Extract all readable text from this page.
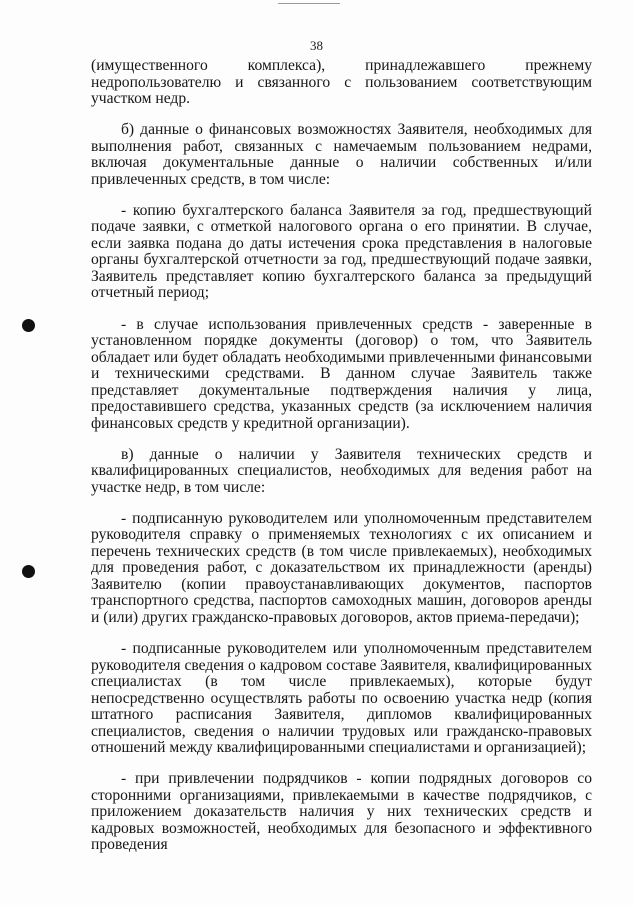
38

(имущественного комплекса), принадлежавшего прежнему недропользователю и связанного с пользованием соответствующим участком недр.

б) данные о финансовых возможностях Заявителя, необходимых для выполнения работ, связанных с намечаемым пользованием недрами, включая документальные данные о наличии собственных и/или привлеченных средств, в том числе:

- копию бухгалтерского баланса Заявителя за год, предшествующий подаче заявки, с отметкой налогового органа о его принятии. В случае, если заявка подана до даты истечения срока представления в налоговые органы бухгалтерской отчетности за год, предшествующий подаче заявки, Заявитель представляет копию бухгалтерского баланса за предыдущий отчетный период;

- в случае использования привлеченных средств - заверенные в установленном порядке документы (договор) о том, что Заявитель обладает или будет обладать необходимыми привлеченными финансовыми и техническими средствами. В данном случае Заявитель также представляет документальные подтверждения наличия у лица, предоставившего средства, указанных средств (за исключением наличия финансовых средств у кредитной организации).

в) данные о наличии у Заявителя технических средств и квалифицированных специалистов, необходимых для ведения работ на участке недр, в том числе:

- подписанную руководителем или уполномоченным представителем руководителя справку о применяемых технологиях с их описанием и перечень технических средств (в том числе привлекаемых), необходимых для проведения работ, с доказательством их принадлежности (аренды) Заявителю (копии правоустанавливающих документов, паспортов транспортного средства, паспортов самоходных машин, договоров аренды и (или) других гражданско-правовых договоров, актов приема-передачи);

- подписанные руководителем или уполномоченным представителем руководителя сведения о кадровом составе Заявителя, квалифицированных специалистах (в том числе привлекаемых), которые будут непосредственно осуществлять работы по освоению участка недр (копия штатного расписания Заявителя, дипломов квалифицированных специалистов, сведения о наличии трудовых или гражданско-правовых отношений между квалифицированными специалистами и организацией);

- при привлечении подрядчиков - копии подрядных договоров со сторонними организациями, привлекаемыми в качестве подрядчиков, с приложением доказательств наличия у них технических средств и кадровых возможностей, необходимых для безопасного и эффективного проведения
